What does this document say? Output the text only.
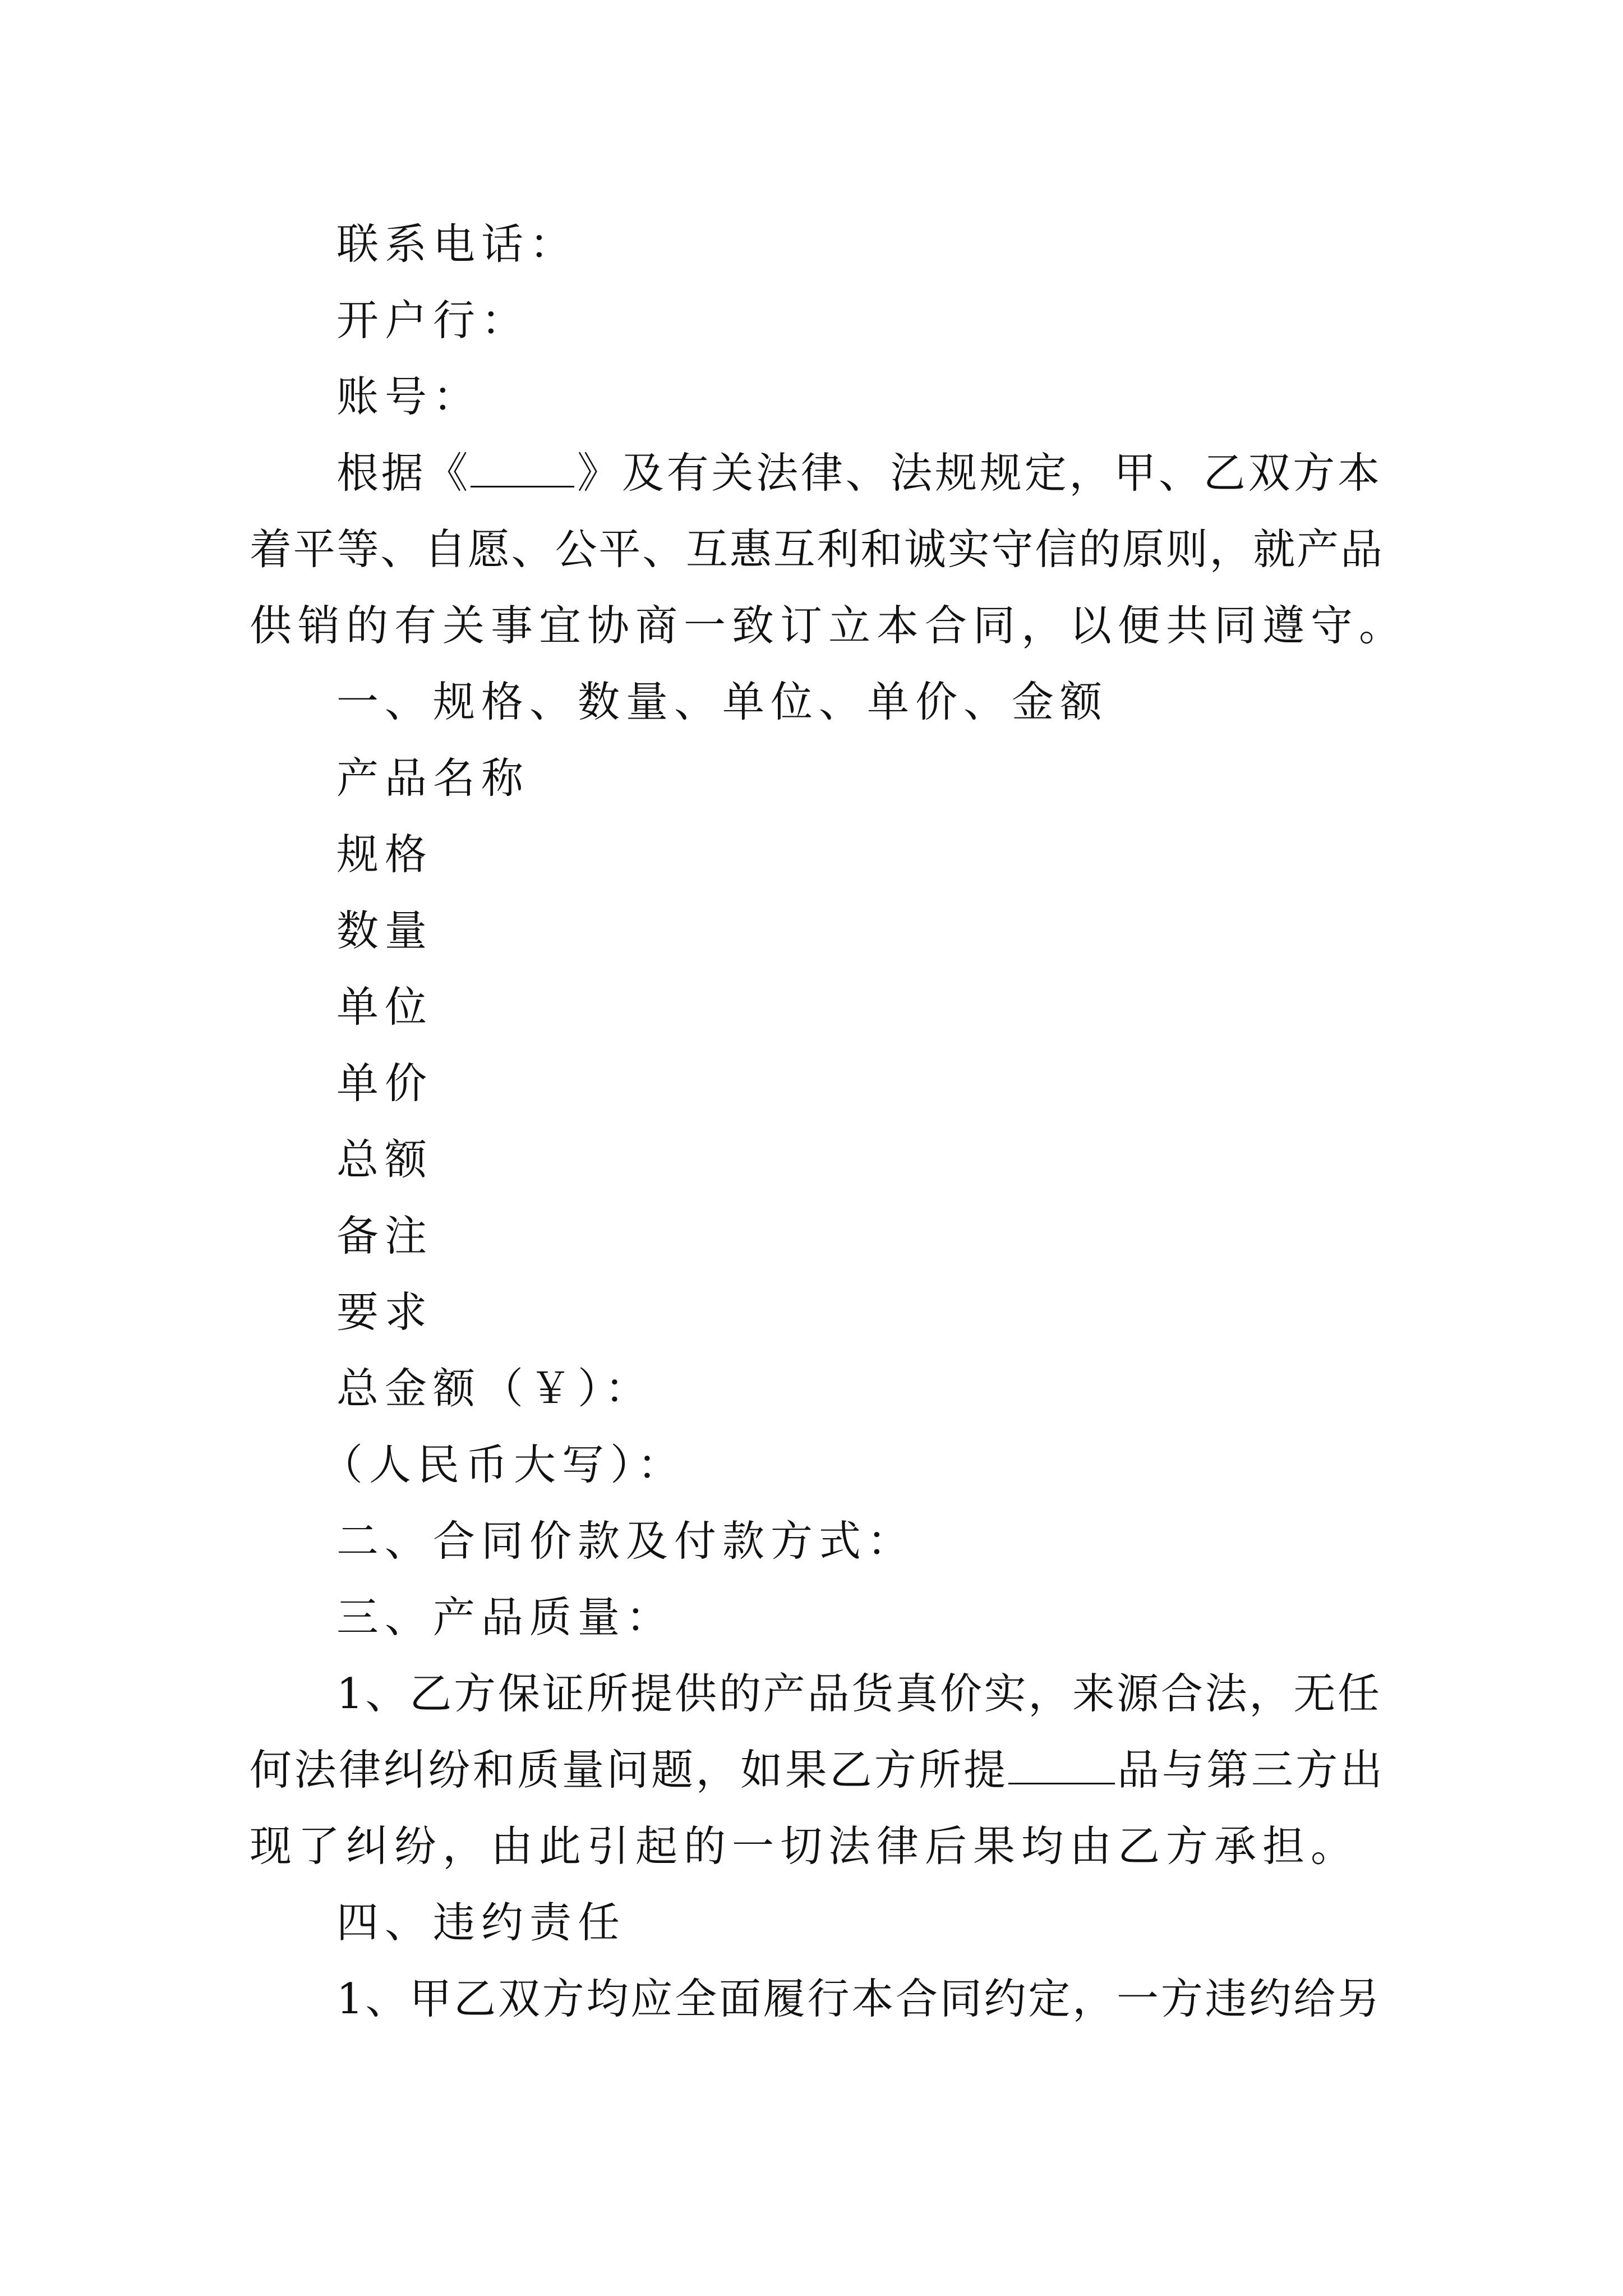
联系电话：
开户行：
账号：
根据《 》及有关法律、法规规定，甲、乙双方本
着平等、自愿、公平、互惠互利和诚实守信的原则，就产品
供销的有关事宜协商一致订立本合同，以便共同遵守。
一、规格、数量、单位、单价、金额
产品名称
规格
数量
单位
单价
总额
备注
要求
总金额（￥）：
（人民币大写）：
二、合同价款及付款方式：
三、产品质量：
1、乙方保证所提供的产品货真价实，来源合法，无任
何法律纠纷和质量问题，如果乙方所提	品与第三方出
现了纠纷，由此引起的一切法律后果均由乙方承担。
四、违约责任
1、甲乙双方均应全面履行本合同约定，一方违约给另
